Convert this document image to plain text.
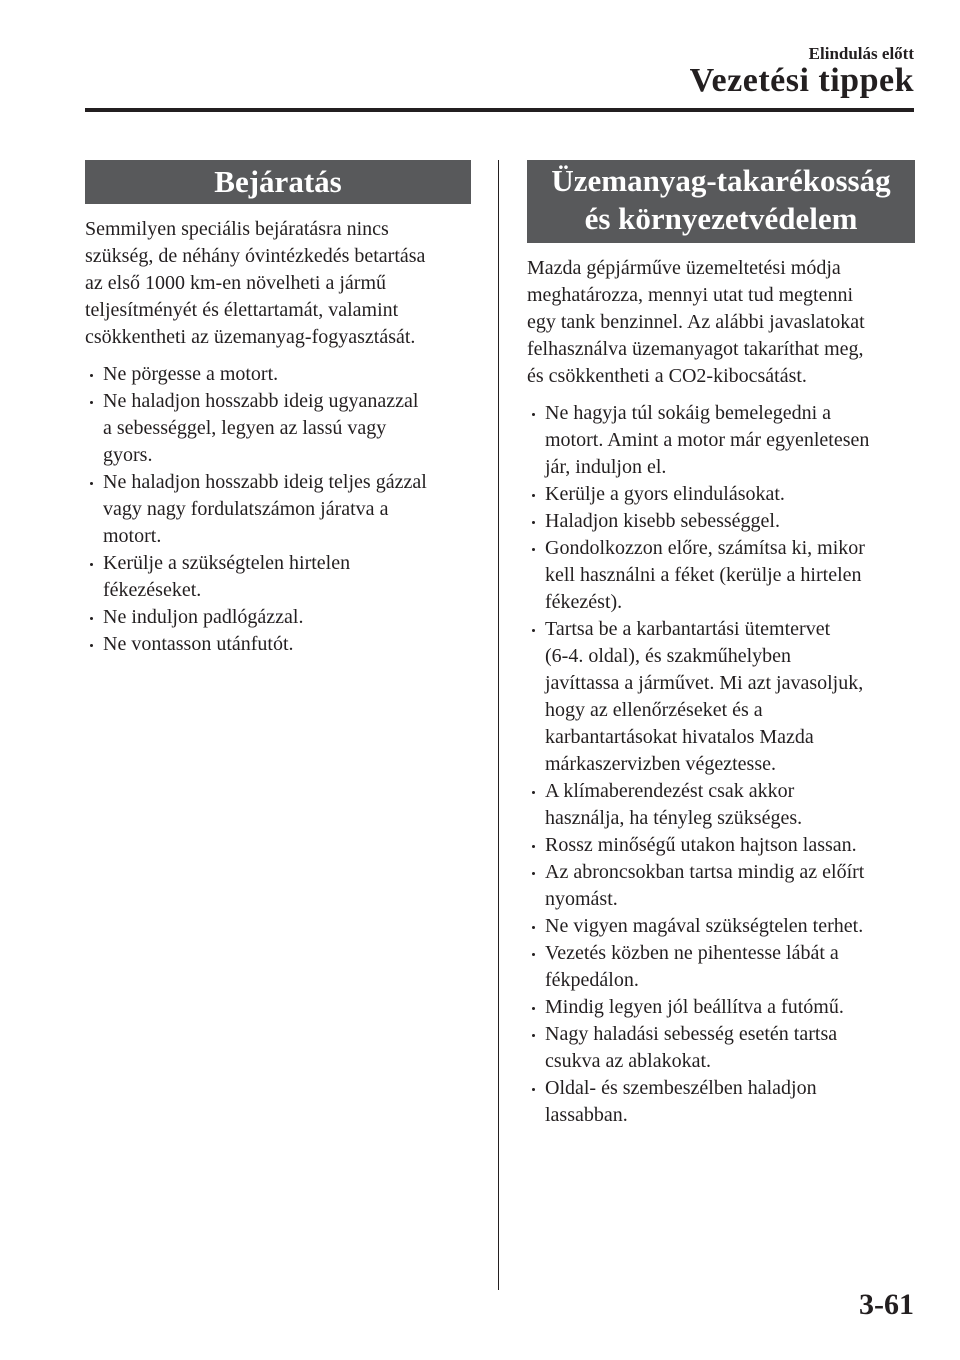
Elindulás előtt
Vezetési tippek
Bejáratás
Semmilyen speciális bejáratásra nincs
szükség, de néhány óvintézkedés betartása
az első 1000 km-en növelheti a jármű
teljesítményét és élettartamát, valamint
csökkentheti az üzemanyag-fogyasztását.
Ne pörgesse a motort.
Ne haladjon hosszabb ideig ugyanazzal
a sebességgel, legyen az lassú vagy
gyors.
Ne haladjon hosszabb ideig teljes gázzal
vagy nagy fordulatszámon járatva a
motort.
Kerülje a szükségtelen hirtelen
fékezéseket.
Ne induljon padlógázzal.
Ne vontasson utánfutót.
Üzemanyag-takarékosság
és környezetvédelem
Mazda gépjárműve üzemeltetési módja
meghatározza, mennyi utat tud megtenni
egy tank benzinnel. Az alábbi javaslatokat
felhasználva üzemanyagot takaríthat meg,
és csökkentheti a CO2-kibocsátást.
Ne hagyja túl sokáig bemelegedni a
motort. Amint a motor már egyenletesen
jár, induljon el.
Kerülje a gyors elindulásokat.
Haladjon kisebb sebességgel.
Gondolkozzon előre, számítsa ki, mikor
kell használni a féket (kerülje a hirtelen
fékezést).
Tartsa be a karbantartási ütemtervet
(6-4. oldal), és szakműhelyben
javíttassa a járművet. Mi azt javasoljuk,
hogy az ellenőrzéseket és a
karbantartásokat hivatalos Mazda
márkaszervizben végeztesse.
A klímaberendezést csak akkor
használja, ha tényleg szükséges.
Rossz minőségű utakon hajtson lassan.
Az abroncsokban tartsa mindig az előírt
nyomást.
Ne vigyen magával szükségtelen terhet.
Vezetés közben ne pihentesse lábát a
fékpedálon.
Mindig legyen jól beállítva a futómű.
Nagy haladási sebesség esetén tartsa
csukva az ablakokat.
Oldal- és szembeszélben haladjon
lassabban.
3-61
